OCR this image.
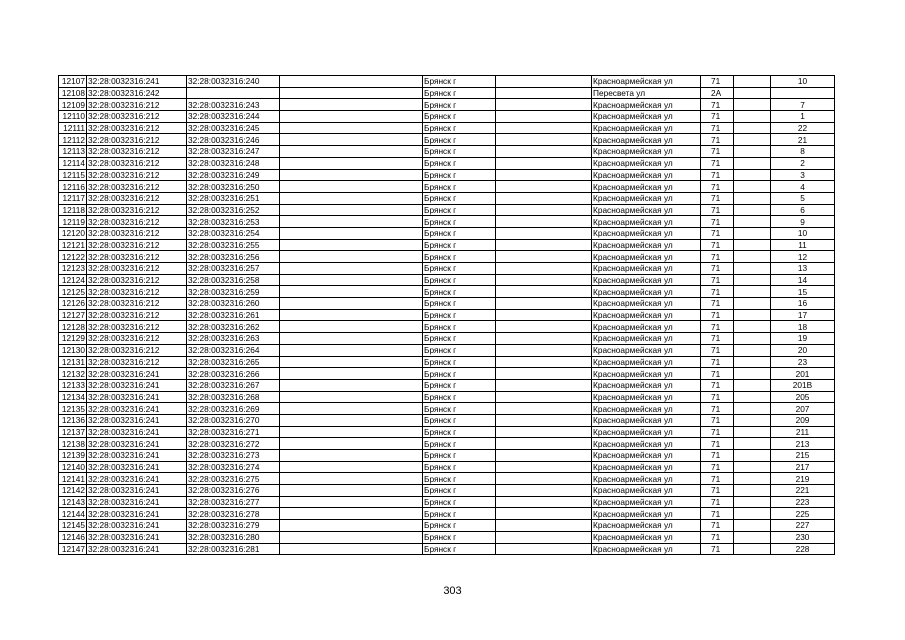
12107	32:28:0032316:241	32:28:0032316:240		Брянск г		Красноармейская ул	71		10
12108	32:28:0032316:242			Брянск г		Пересвета ул	2А		
12109	32:28:0032316:212	32:28:0032316:243		Брянск г		Красноармейская ул	71		7
12110	32:28:0032316:212	32:28:0032316:244		Брянск г		Красноармейская ул	71		1
12111	32:28:0032316:212	32:28:0032316:245		Брянск г		Красноармейская ул	71		22
12112	32:28:0032316:212	32:28:0032316:246		Брянск г		Красноармейская ул	71		21
12113	32:28:0032316:212	32:28:0032316:247		Брянск г		Красноармейская ул	71		8
12114	32:28:0032316:212	32:28:0032316:248		Брянск г		Красноармейская ул	71		2
12115	32:28:0032316:212	32:28:0032316:249		Брянск г		Красноармейская ул	71		3
12116	32:28:0032316:212	32:28:0032316:250		Брянск г		Красноармейская ул	71		4
12117	32:28:0032316:212	32:28:0032316:251		Брянск г		Красноармейская ул	71		5
12118	32:28:0032316:212	32:28:0032316:252		Брянск г		Красноармейская ул	71		6
12119	32:28:0032316:212	32:28:0032316:253		Брянск г		Красноармейская ул	71		9
12120	32:28:0032316:212	32:28:0032316:254		Брянск г		Красноармейская ул	71		10
12121	32:28:0032316:212	32:28:0032316:255		Брянск г		Красноармейская ул	71		11
12122	32:28:0032316:212	32:28:0032316:256		Брянск г		Красноармейская ул	71		12
12123	32:28:0032316:212	32:28:0032316:257		Брянск г		Красноармейская ул	71		13
12124	32:28:0032316:212	32:28:0032316:258		Брянск г		Красноармейская ул	71		14
12125	32:28:0032316:212	32:28:0032316:259		Брянск г		Красноармейская ул	71		15
12126	32:28:0032316:212	32:28:0032316:260		Брянск г		Красноармейская ул	71		16
12127	32:28:0032316:212	32:28:0032316:261		Брянск г		Красноармейская ул	71		17
12128	32:28:0032316:212	32:28:0032316:262		Брянск г		Красноармейская ул	71		18
12129	32:28:0032316:212	32:28:0032316:263		Брянск г		Красноармейская ул	71		19
12130	32:28:0032316:212	32:28:0032316:264		Брянск г		Красноармейская ул	71		20
12131	32:28:0032316:212	32:28:0032316:265		Брянск г		Красноармейская ул	71		23
12132	32:28:0032316:241	32:28:0032316:266		Брянск г		Красноармейская ул	71		201
12133	32:28:0032316:241	32:28:0032316:267		Брянск г		Красноармейская ул	71		201В
12134	32:28:0032316:241	32:28:0032316:268		Брянск г		Красноармейская ул	71		205
12135	32:28:0032316:241	32:28:0032316:269		Брянск г		Красноармейская ул	71		207
12136	32:28:0032316:241	32:28:0032316:270		Брянск г		Красноармейская ул	71		209
12137	32:28:0032316:241	32:28:0032316:271		Брянск г		Красноармейская ул	71		211
12138	32:28:0032316:241	32:28:0032316:272		Брянск г		Красноармейская ул	71		213
12139	32:28:0032316:241	32:28:0032316:273		Брянск г		Красноармейская ул	71		215
12140	32:28:0032316:241	32:28:0032316:274		Брянск г		Красноармейская ул	71		217
12141	32:28:0032316:241	32:28:0032316:275		Брянск г		Красноармейская ул	71		219
12142	32:28:0032316:241	32:28:0032316:276		Брянск г		Красноармейская ул	71		221
12143	32:28:0032316:241	32:28:0032316:277		Брянск г		Красноармейская ул	71		223
12144	32:28:0032316:241	32:28:0032316:278		Брянск г		Красноармейская ул	71		225
12145	32:28:0032316:241	32:28:0032316:279		Брянск г		Красноармейская ул	71		227
12146	32:28:0032316:241	32:28:0032316:280		Брянск г		Красноармейская ул	71		230
12147	32:28:0032316:241	32:28:0032316:281		Брянск г		Красноармейская ул	71		228
303
